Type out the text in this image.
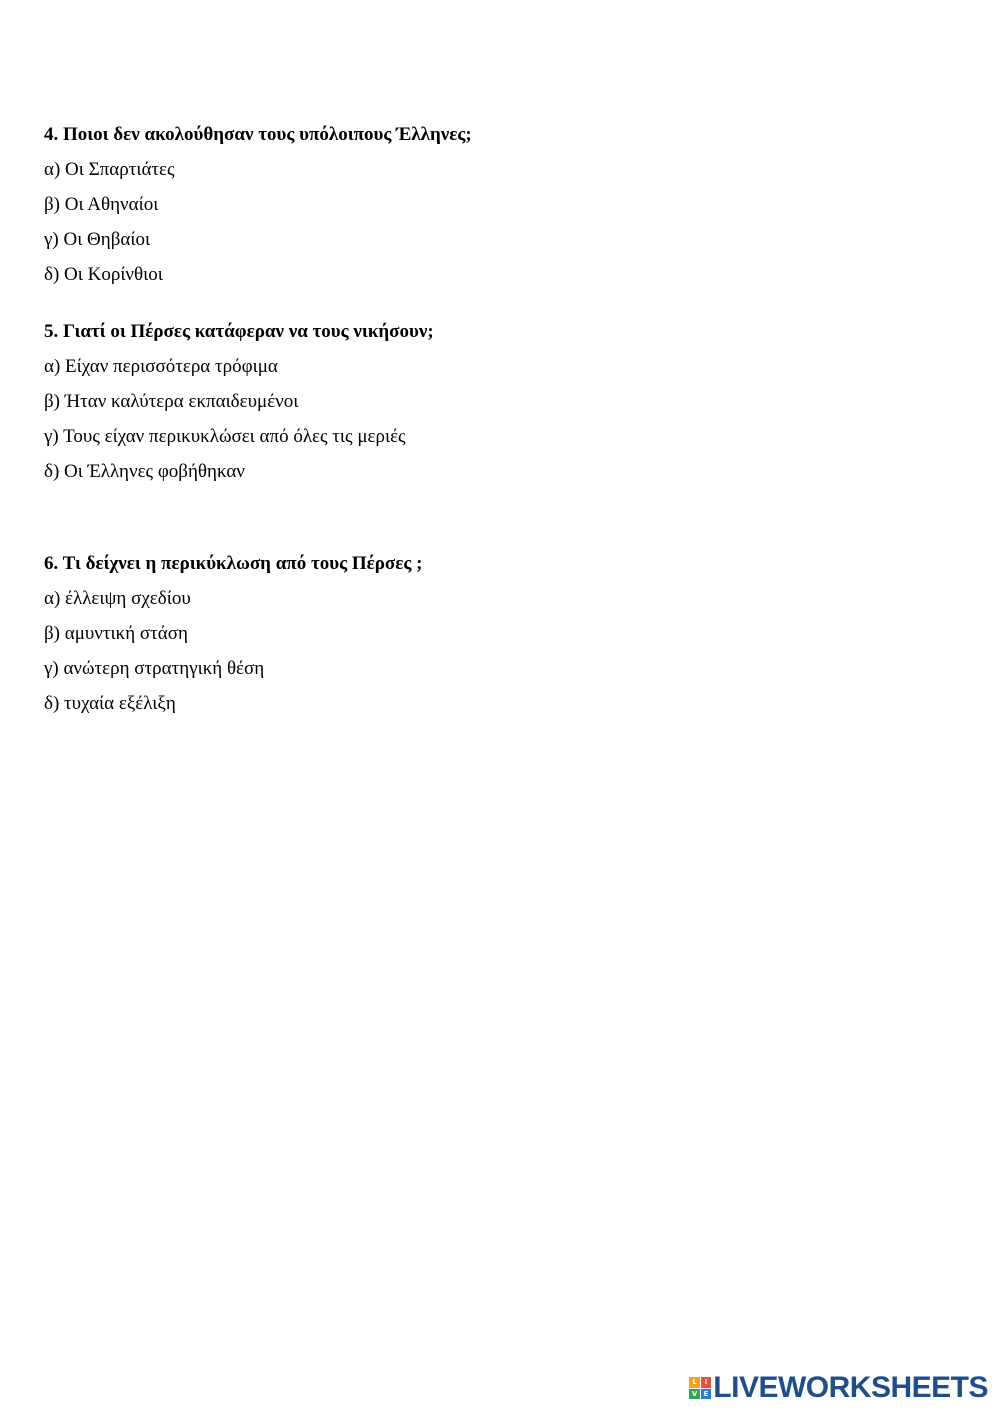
4. Ποιοι δεν ακολούθησαν τους υπόλοιπους Έλληνες;
α) Οι Σπαρτιάτες
β) Οι Αθηναίοι
γ) Οι Θηβαίοι
δ) Οι Κορίνθιοι
5. Γιατί οι Πέρσες κατάφεραν να τους νικήσουν;
α) Είχαν περισσότερα τρόφιμα
β) Ήταν καλύτερα εκπαιδευμένοι
γ) Τους είχαν περικυκλώσει από όλες τις μεριές
δ) Οι Έλληνες φοβήθηκαν
6. Τι δείχνει η περικύκλωση από τους Πέρσες ;
α) έλλειψη σχεδίου
β) αμυντική στάση
γ) ανώτερη στρατηγική θέση
δ) τυχαία εξέλιξη
L	I
V E LIVEWORKSHEETS
